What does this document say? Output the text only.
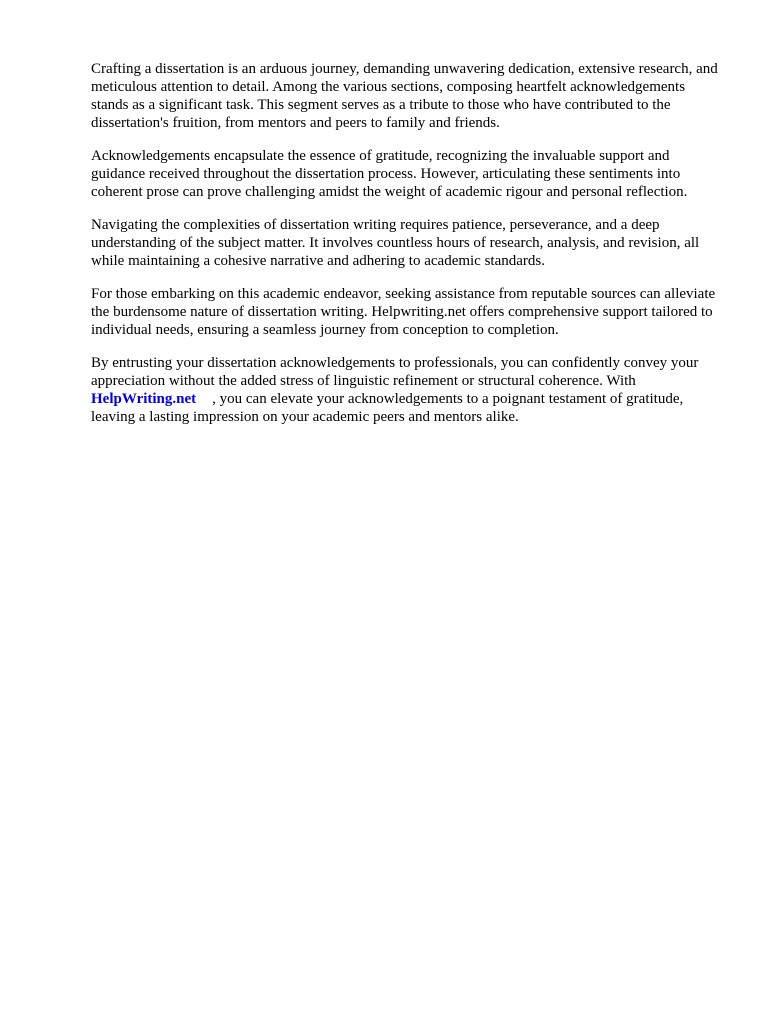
Crafting a dissertation is an arduous journey, demanding unwavering dedication, extensive research, and meticulous attention to detail. Among the various sections, composing heartfelt acknowledgements stands as a significant task. This segment serves as a tribute to those who have contributed to the dissertation's fruition, from mentors and peers to family and friends.

Acknowledgements encapsulate the essence of gratitude, recognizing the invaluable support and guidance received throughout the dissertation process. However, articulating these sentiments into coherent prose can prove challenging amidst the weight of academic rigour and personal reflection.

Navigating the complexities of dissertation writing requires patience, perseverance, and a deep understanding of the subject matter. It involves countless hours of research, analysis, and revision, all while maintaining a cohesive narrative and adhering to academic standards.

For those embarking on this academic endeavor, seeking assistance from reputable sources can alleviate the burdensome nature of dissertation writing. Helpwriting.net offers comprehensive support tailored to individual needs, ensuring a seamless journey from conception to completion.

By entrusting your dissertation acknowledgements to professionals, you can confidently convey your appreciation without the added stress of linguistic refinement or structural coherence. With
HelpWriting.net , you can elevate your acknowledgements to a poignant testament of gratitude, leaving a lasting impression on your academic peers and mentors alike.
